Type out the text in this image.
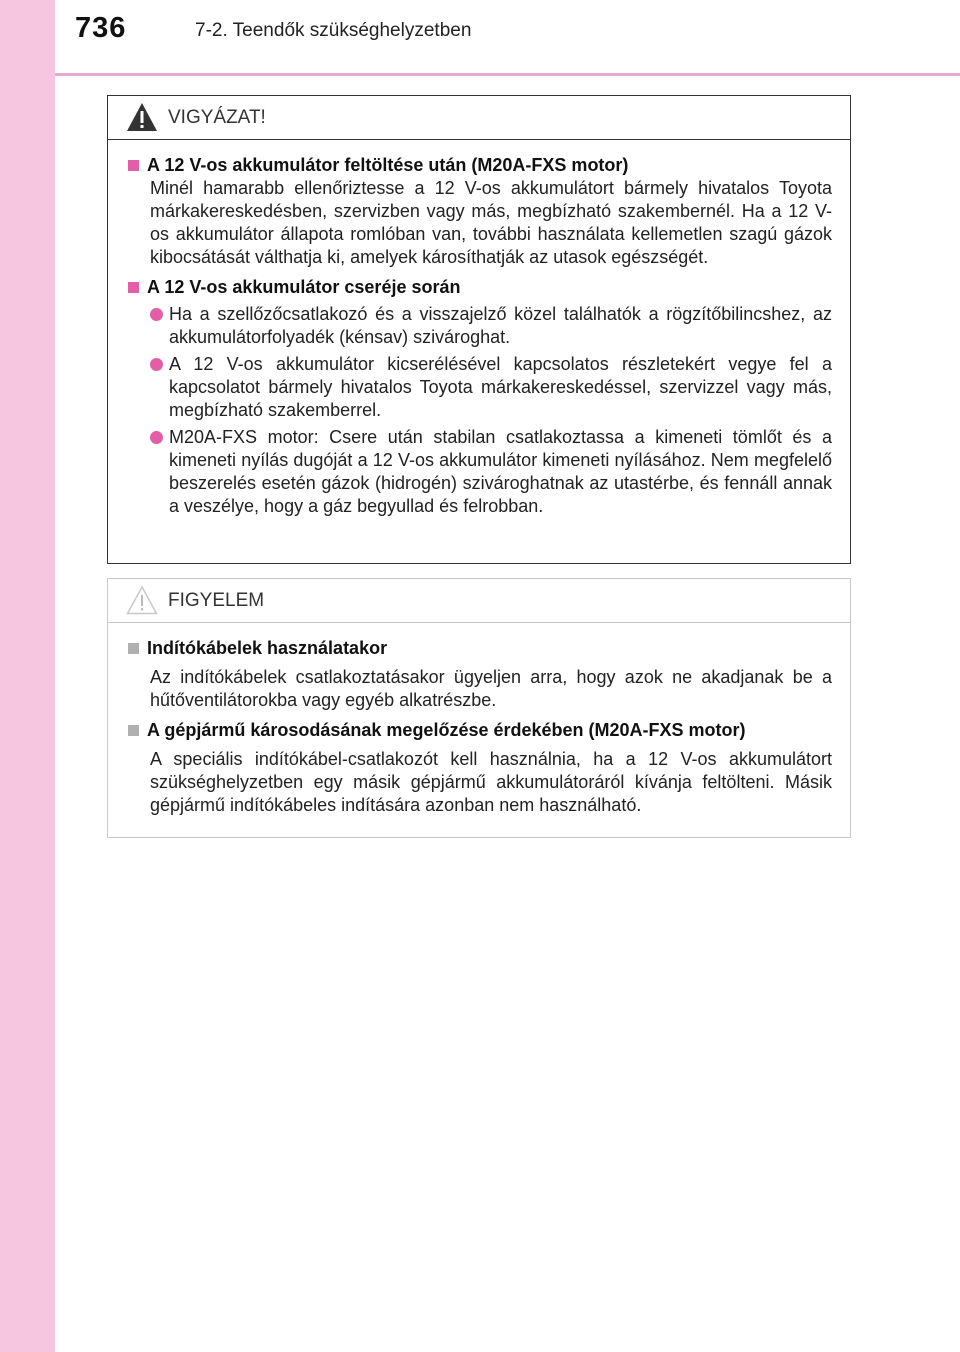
736	7-2. Teendők szükséghelyzetben
VIGYÁZAT!
A 12 V-os akkumulátor feltöltése után (M20A-FXS motor)
Minél hamarabb ellenőriztesse a 12 V-os akkumulátort bármely hivatalos Toyota márkakereskedésben, szervizben vagy más, megbízható szakembernél. Ha a 12 V-os akkumulátor állapota romlóban van, további használata kellemetlen szagú gázok kibocsátását válthatja ki, amelyek károsíthatják az utasok egészségét.
A 12 V-os akkumulátor cseréje során
Ha a szellőzőcsatlakozó és a visszajelző közel találhatók a rögzítőbilincshez, az akkumulátorfolyadék (kénsav) szivároghat.
A 12 V-os akkumulátor kicserélésével kapcsolatos részletekért vegye fel a kapcsolatot bármely hivatalos Toyota márkakereskedéssel, szervizzel vagy más, megbízható szakemberrel.
M20A-FXS motor: Csere után stabilan csatlakoztassa a kimeneti tömlőt és a kimeneti nyílás dugóját a 12 V-os akkumulátor kimeneti nyílásához. Nem megfelelő beszerelés esetén gázok (hidrogén) szivároghatnak az utastérbe, és fennáll annak a veszélye, hogy a gáz begyullad és felrobban.
FIGYELEM
Indítókábelek használatakor
Az indítókábelek csatlakoztatásakor ügyeljen arra, hogy azok ne akadjanak be a hűtőventilátorokba vagy egyéb alkatrészbe.
A gépjármű károsodásának megelőzése érdekében (M20A-FXS motor)
A speciális indítókábel-csatlakozót kell használnia, ha a 12 V-os akkumulátort szükséghelyzetben egy másik gépjármű akkumulátoráról kívánja feltölteni. Másik gépjármű indítókábeles indítására azonban nem használható.
